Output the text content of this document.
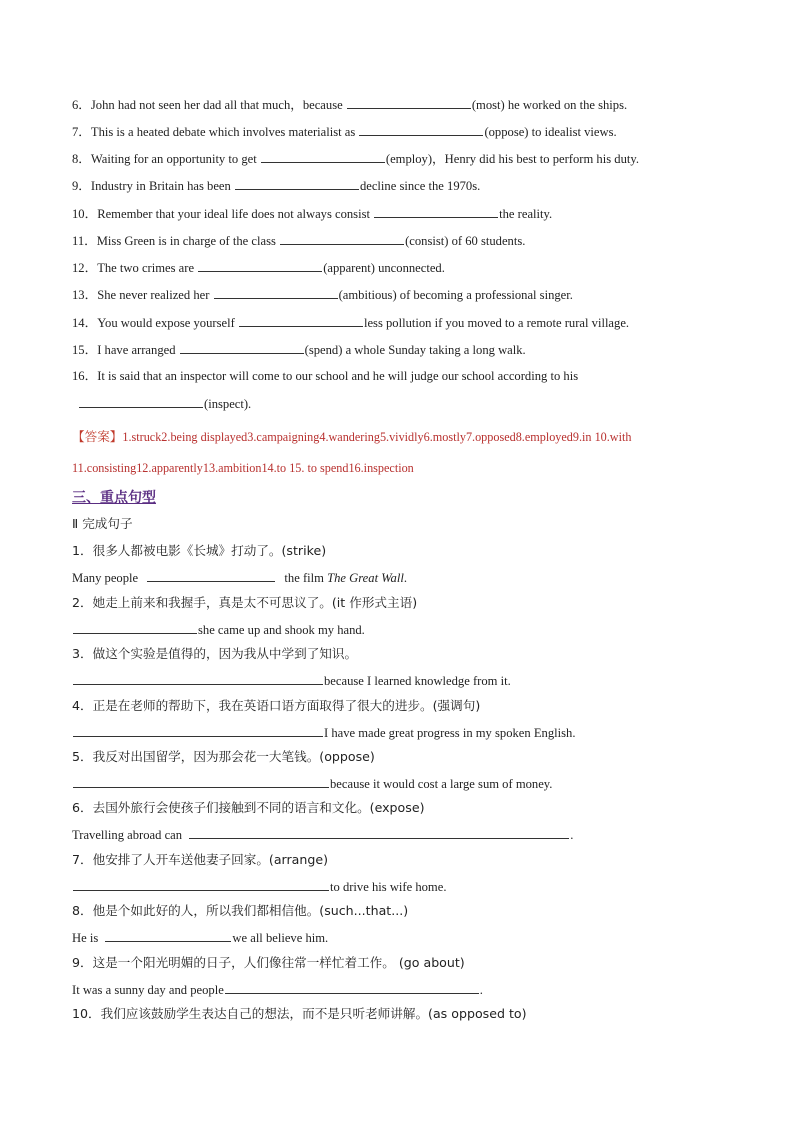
6．John had not seen her dad all that much，because	(most) he worked on the ships.
7．This is a heated debate which involves materialist as	(oppose) to idealist views.
8．Waiting for an opportunity to get	(employ)，Henry did his best to perform his duty.
9．Industry in Britain has been	decline since the 1970s.
10．Remember that your ideal life does not always consist	the reality.
11．Miss Green is in charge of the class	(consist) of 60 students.
12．The two crimes are	(apparent) unconnected.
13．She never realized her	(ambitious) of becoming a professional singer.
14．You would expose yourself	less pollution if you moved to a remote rural village.
15．I have arranged	(spend) a whole Sunday taking a long walk.
16．It is said that an inspector will come to our school and he will judge our school according to his
(inspect).
【答案】1.struck2.being displayed3.campaigning4.wandering5.vividly6.mostly7.opposed8.employed9.in 10.with
11.consisting12.apparently13.ambition14.to 15. to spend16.inspection
三、重点句型
Ⅱ 完成句子
1．很多人都被电影《长城》打动了。(strike)
Many people	the film The Great Wall.
2．她走上前来和我握手，真是太不可思议了。(it 作形式主语)
she came up and shook my hand.
3．做这个实验是值得的，因为我从中学到了知识。
because I learned knowledge from it.
4．正是在老师的帮助下，我在英语口语方面取得了很大的进步。(强调句)
I have made great progress in my spoken English.
5．我反对出国留学，因为那会花一大笔钱。(oppose)
because it would cost a large sum of money.
6．去国外旅行会使孩子们接触到不同的语言和文化。(expose)
Travelling abroad can	.
7．他安排了人开车送他妻子回家。(arrange)
to drive his wife home.
8．他是个如此好的人，所以我们都相信他。(such...that...)
He is	we all believe him.
9．这是一个阳光明媚的日子，人们像往常一样忙着工作。 (go about)
It was a sunny day and people	.
10．我们应该鼓励学生表达自己的想法，而不是只听老师讲解。(as opposed to)
